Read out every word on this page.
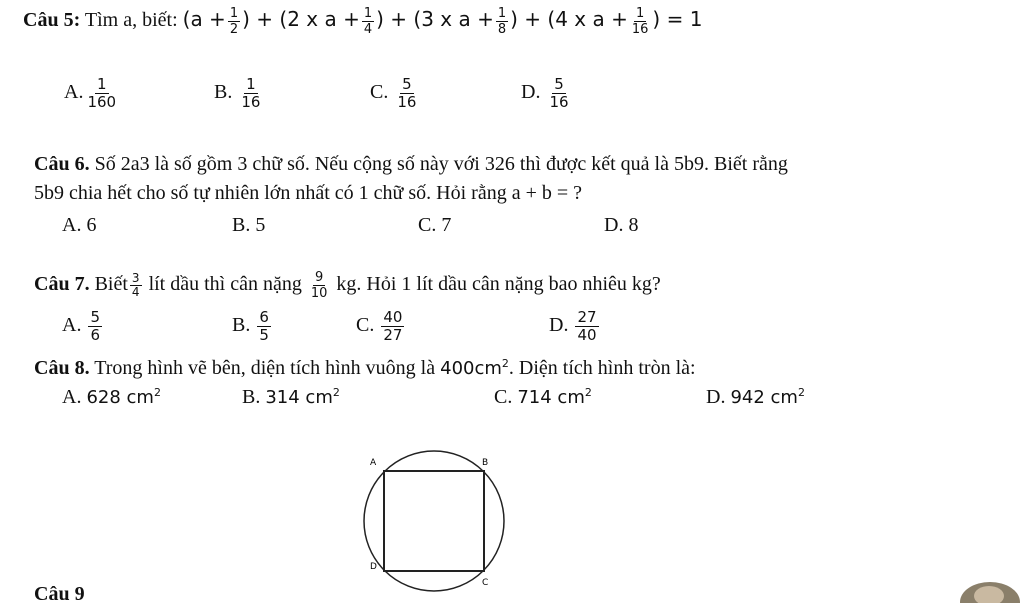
Câu 5: Tìm a, biết: ($a + \frac{1}{2}$ ) + (2 x $a + \frac{1}{4}$ ) + (3 x $a + \frac{1}{8}$ ) + (4 x $a + \frac{1}{16}$ ) = 1
A. $\frac{1}{160}$	B. $\frac{1}{16}$	C. $\frac{5}{16}$	D. $\frac{5}{16}$
Câu 6. Số 2a3 là số gồm 3 chữ số. Nếu cộng số này với 326 thì được kết quả là 5b9. Biết rằng
5b9 chia hết cho số tự nhiên lớn nhất có 1 chữ số. Hỏi rằng a + b = ?
A. 6	B. 5	C. 7	D. 8
Câu 7. Biết $\frac{3}{4}$ lít dầu thì cân nặng $\frac{9}{10}$ kg. Hỏi 1 lít dầu cân nặng bao nhiêu kg?
A. $\frac{5}{6}$	B. $\frac{6}{5}$	C. $\frac{40}{27}$	D. $\frac{27}{40}$
Câu 8. Trong hình vẽ bên, diện tích hình vuông là $400cm^2$. Diện tích hình tròn là:
A. 628 $cm^2$	B. 314 $cm^2$	C. 714 $cm^2$	D. 942 $cm^2$
A	B
C
D
Câu 9
